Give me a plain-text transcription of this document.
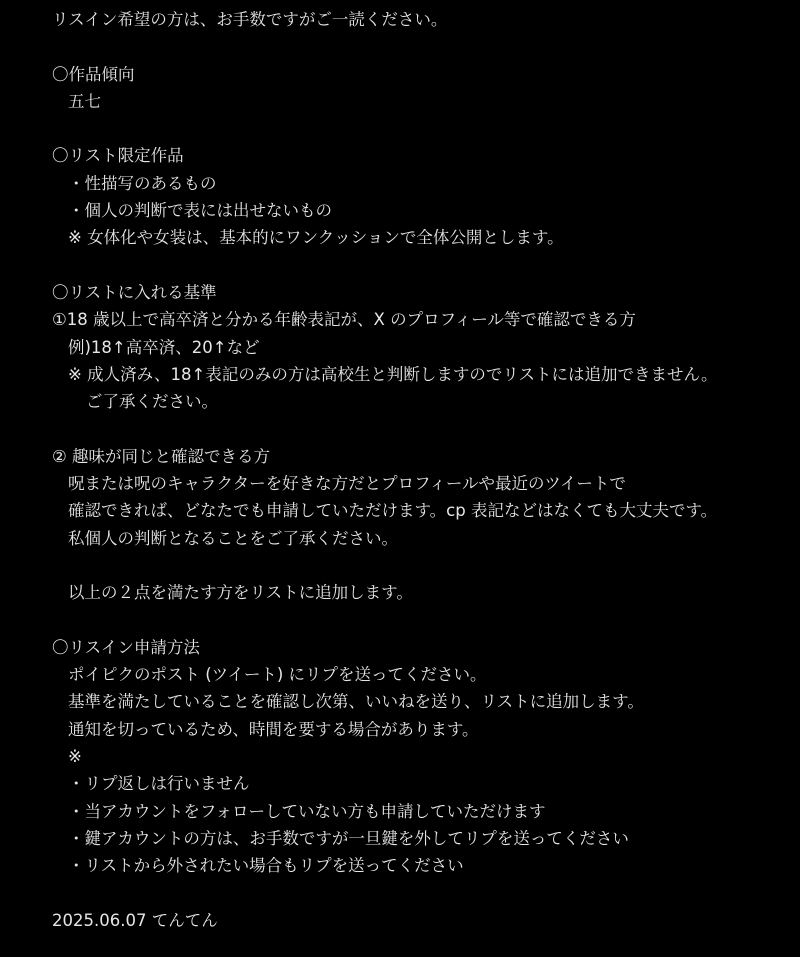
リスイン希望の方は、お手数ですがご一読ください。
〇作品傾向
五七
〇リスト限定作品
・性描写のあるもの
・個人の判断で表には出せないもの
※ 女体化や女装は、基本的にワンクッションで全体公開とします。
〇リストに入れる基準
①18 歳以上で高卒済と分かる年齢表記が、X のプロフィール等で確認できる方
例)18↑高卒済、20↑など
※ 成人済み、18↑表記のみの方は高校生と判断しますのでリストには追加できません。
ご了承ください。
② 趣味が同じと確認できる方
呪または呪のキャラクターを好きな方だとプロフィールや最近のツイートで
確認できれば、どなたでも申請していただけます。cp 表記などはなくても大丈夫です。
私個人の判断となることをご了承ください。
以上の２点を満たす方をリストに追加します。
〇リスイン申請方法
ポイピクのポスト (ツイート) にリプを送ってください。
基準を満たしていることを確認し次第、いいねを送り、リストに追加します。
通知を切っているため、時間を要する場合があります。
※
・リプ返しは行いません
・当アカウントをフォローしていない方も申請していただけます
・鍵アカウントの方は、お手数ですが一旦鍵を外してリプを送ってください
・リストから外されたい場合もリプを送ってください
2025.06.07 てんてん
